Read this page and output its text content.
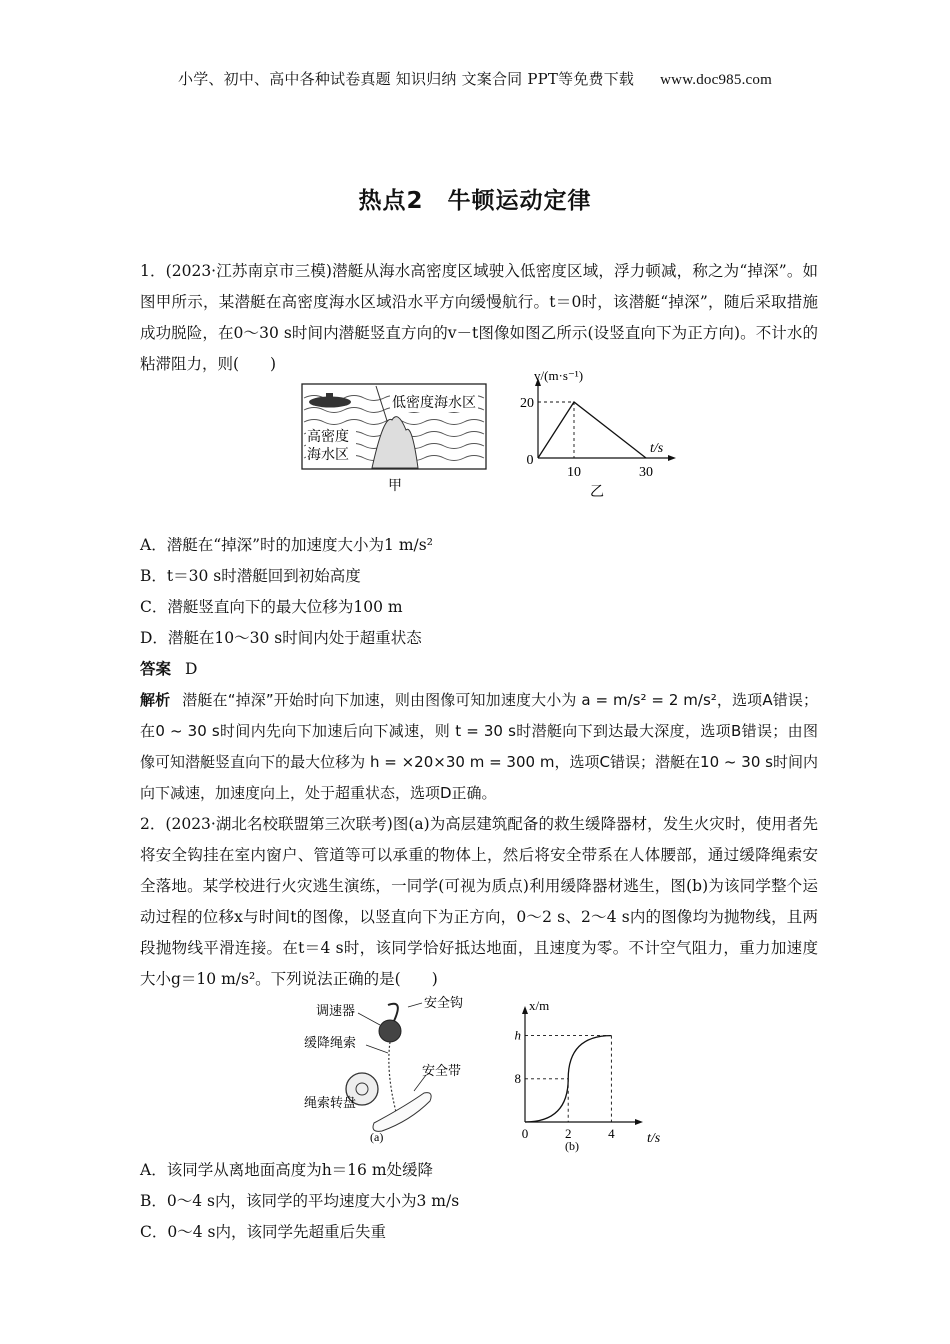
小学、初中、高中各种试卷真题 知识归纳 文案合同 PPT等免费下载 www.doc985.com
热点2　牛顿运动定律

1．(2023·江苏南京市三模)潜艇从海水高密度区域驶入低密度区域，浮力顿减，称之为“掉深”。如图甲所示，某潜艇在高密度海水区域沿水平方向缓慢航行。t＝0时，该潜艇“掉深”，随后采取措施成功脱险，在0～30 s时间内潜艇竖直方向的v－t图像如图乙所示(设竖直向下为正方向)。不计水的粘滞阻力，则(　　)

低密度海水区
高密度
海水区
甲
v/(m·s⁻¹)
t/s
0
10	30
20
乙

A．潜艇在“掉深”时的加速度大小为1 m/s²

B．t＝30 s时潜艇回到初始高度

C．潜艇竖直向下的最大位移为100 m

D．潜艇在10～30 s时间内处于超重状态

答案 D

解析 潜艇在“掉深”开始时向下加速，则由图像可知加速度大小为 a = m/s² = 2 m/s²，选项A错误；在0 ~ 30 s时间内先向下加速后向下减速，则 t = 30 s时潜艇向下到达最大深度，选项B错误；由图像可知潜艇竖直向下的最大位移为 h = ×20×30 m = 300 m，选项C错误；潜艇在10 ~ 30 s时间内向下减速，加速度向上，处于超重状态，选项D正确。

2．(2023·湖北名校联盟第三次联考)图(a)为高层建筑配备的救生缓降器材，发生火灾时，使用者先将安全钩挂在室内窗户、管道等可以承重的物体上，然后将安全带系在人体腰部，通过缓降绳索安全落地。某学校进行火灾逃生演练，一同学(可视为质点)利用缓降器材逃生，图(b)为该同学整个运动过程的位移x与时间t的图像，以竖直向下为正方向，0～2 s、2～4 s内的图像均为抛物线，且两段抛物线平滑连接。在t＝4 s时，该同学恰好抵达地面，且速度为零。不计空气阻力，重力加速度大小g＝10 m/s²。下列说法正确的是(　　)

调速器
安全钩
缓降绳索
安全带
绳索转盘
(a)
x/m
t/s
0	2	4
8
h
(b)

A．该同学从离地面高度为h＝16 m处缓降

B．0～4 s内，该同学的平均速度大小为3 m/s

C．0～4 s内，该同学先超重后失重
